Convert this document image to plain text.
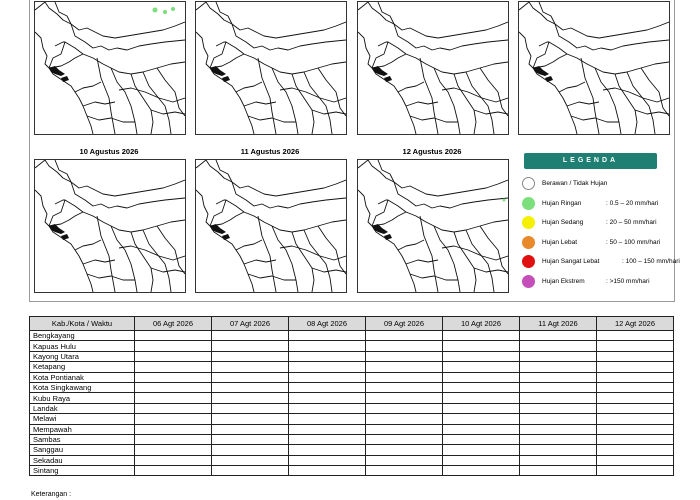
10 Agustus 2026	11 Agustus 2026	12 Agustus 2026
LEGENDA
Berawan / Tidak Hujan
Hujan Ringan	: 0.5 – 20 mm/hari
Hujan Sedang	: 20 – 50 mm/hari
Hujan Lebat	: 50 – 100 mm/hari
Hujan Sangat Lebat	: 100 – 150 mm/hari
Hujan Ekstrem	: >150 mm/hari
Kab./Kota / Waktu	06 Agt 2026	07 Agt 2026	08 Agt 2026	09 Agt 2026	10 Agt 2026	11 Agt 2026	12 Agt 2026
Bengkayang							
Kapuas Hulu							
Kayong Utara							
Ketapang							
Kota Pontianak							
Kota Singkawang							
Kubu Raya							
Landak							
Melawi							
Mempawah							
Sambas							
Sanggau							
Sekadau							
Sintang							
Keterangan :
